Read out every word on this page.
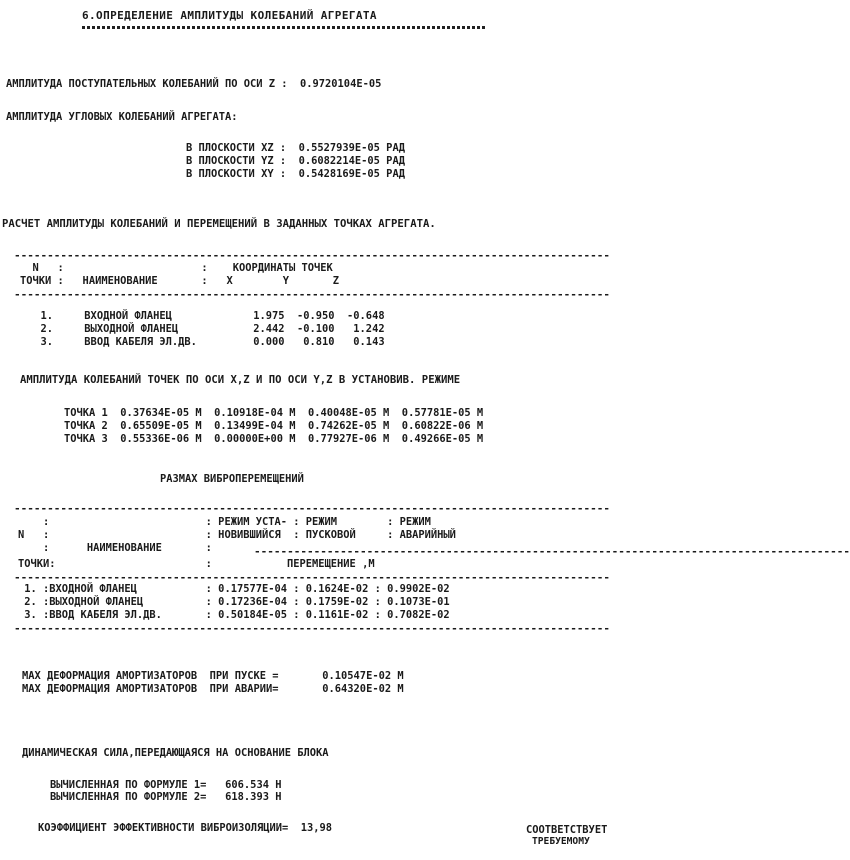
6.ОПРЕДЕЛЕНИЕ АМПЛИТУДЫ КОЛЕБАНИЙ АГРЕГАТА
АМПЛИТУДА ПОСТУПАТЕЛЬНЫХ КОЛЕБАНИЙ ПО ОСИ Z :  0.9720104E-05
АМПЛИТУДА УГЛОВЫХ КОЛЕБАНИЙ АГРЕГАТА:
В ПЛОСКОСТИ XZ :  0.5527939E-05 РАД
В ПЛОСКОСТИ YZ :  0.6082214E-05 РАД
В ПЛОСКОСТИ XY :  0.5428169E-05 РАД
РАСЧЕТ АМПЛИТУДЫ КОЛЕБАНИЙ И ПЕРЕМЕЩЕНИЙ В ЗАДАННЫХ ТОЧКАХ АГРЕГАТА.
------------------------------------------------------------------------------------------
N   :                      :    КООРДИНАТЫ ТОЧЕК
ТОЧКИ :   НАИМЕНОВАНИЕ       :   X        Y       Z
------------------------------------------------------------------------------------------
1.     ВХОДНОЙ ФЛАНЕЦ             1.975  -0.950  -0.648
2.     ВЫХОДНОЙ ФЛАНЕЦ            2.442  -0.100   1.242
3.     ВВОД КАБЕЛЯ ЭЛ.ДВ.         0.000   0.810   0.143
АМПЛИТУДА КОЛЕБАНИЙ ТОЧЕК ПО ОСИ X,Z И ПО ОСИ Y,Z В УСТАНОВИВ. РЕЖИМЕ
ТОЧКА 1  0.37634E-05 М  0.10918E-04 М  0.40048E-05 М  0.57781E-05 М
ТОЧКА 2  0.65509E-05 М  0.13499E-04 М  0.74262E-05 М  0.60822E-06 М
ТОЧКА 3  0.55336E-06 М  0.00000E+00 М  0.77927E-06 М  0.49266E-05 М
РАЗМАХ ВИБРОПЕРЕМЕЩЕНИЙ
------------------------------------------------------------------------------------------
:                         : РЕЖИМ УСТА- : РЕЖИМ        : РЕЖИМ
N   :                         : НОВИВШИЙСЯ  : ПУСКОВОЙ     : АВАРИЙНЫЙ
:      НАИМЕНОВАНИЕ       :	------------------------------------------------------------------------------------------
ТОЧКИ:                        :            ПЕРЕМЕЩЕНИЕ ,М
------------------------------------------------------------------------------------------
1. :ВХОДНОЙ ФЛАНЕЦ           : 0.17577E-04 : 0.1624E-02 : 0.9902E-02
2. :ВЫХОДНОЙ ФЛАНЕЦ          : 0.17236E-04 : 0.1759E-02 : 0.1073E-01
3. :ВВОД КАБЕЛЯ ЭЛ.ДВ.       : 0.50184E-05 : 0.1161E-02 : 0.7082E-02
------------------------------------------------------------------------------------------
MAX ДЕФОРМАЦИЯ АМОРТИЗАТОРОВ  ПРИ ПУСКЕ =       0.10547E-02 М
MAX ДЕФОРМАЦИЯ АМОРТИЗАТОРОВ  ПРИ АВАРИИ=       0.64320E-02 М
ДИНАМИЧЕСКАЯ СИЛА,ПЕРЕДАЮЩАЯСЯ НА ОСНОВАНИЕ БЛОКА
ВЫЧИСЛЕННАЯ ПО ФОРМУЛЕ 1=   606.534 Н
ВЫЧИСЛЕННАЯ ПО ФОРМУЛЕ 2=   618.393 Н
КОЭФФИЦИЕНТ ЭФФЕКТИВНОСТИ ВИБРОИЗОЛЯЦИИ=  13,98	СООТВЕТСТВУЕТ
ТРЕБУЕМОМУ
